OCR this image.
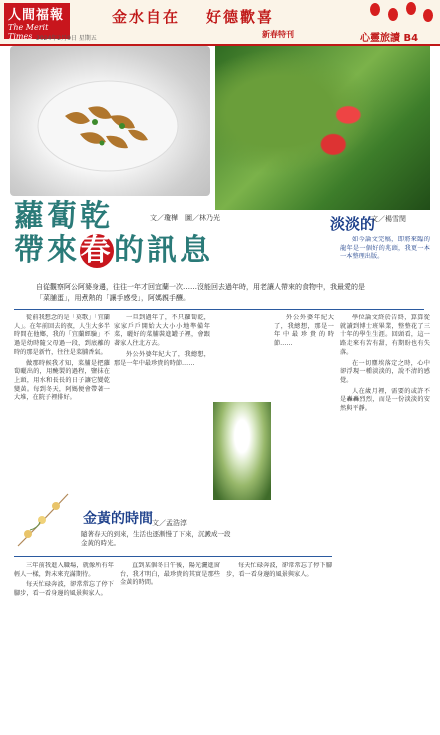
人間福報
The Merit Times
金水自在 好德歡喜
2024年2月9日 星期五	新春特刊	心靈旅讀 B4
蘿蔔乾
帶來春的訊息
文／瓊樺　圖／林乃光
自從觀察阿公阿婆身邊，往往一年才回宜蘭一次……沒能回去過年時，用老讓人帶來的食物中，我最愛的是「菜脯蛋」，用煮熱的「讓手感受」，阿媽親手釀。

從前我想念的是「莫歌」「宜蘭人」。在年前回去的夜，人生大多半時間在他鄉，我的「宜蘭經驗」不過是幼時隨父母過一段，到底離的時的那是新竹，往往是菜脯香氣。

做那時候我才知，菜脯是把蘿蔔曬出的，用醃製的過程，鹽抹在上頭，用水和長長的日子讓它變乾變黃。每到冬天，阿媽便會帶著一大堆，在院子裡排好。

一旦到過年了，不只蘿蔔乾，家家戶戶開始大大小小地準備年菜，曬好的菜脯裝進罐子裡，會跟著家人往北方去。

外公外婆年紀大了，我總想，那是一年中最珍貴的時節……

外公外婆年紀大了，我總想，那是一年中最珍貴的時節……

淡淡的
文／楊雪閔

如今論文完稿，即將來臨的龍年是一個好的兆頭，我更一本一本整理出版。

學位論文終於告終，算算從就讀到博士班畢業，整整花了三十年的學生生涯。回頭看，這一路走來有苦有甜，有期盼也有失落。

在一切塵埃落定之時，心中卻浮現一種淡淡的，說不清的感覺。

人在歲月裡，需要的或許不是轟轟烈烈，而是一份淡淡的安然與平靜。

金黃的時間 文／孟浩淳
隨著春天的到來，生活也逐漸慢了下來，沉澱成一段金黃的時光。

三年前我進入職場，就像所有年輕人一樣，對未來充滿期待。

每天忙碌奔波，卻常常忘了停下腳步，看一看身邊的風景與家人。

直到某個冬日午後，陽光灑進窗台，我才明白，最珍貴的其實是那些金黃的時間。

每天忙碌奔波，卻常常忘了停下腳步，看一看身邊的風景與家人。
